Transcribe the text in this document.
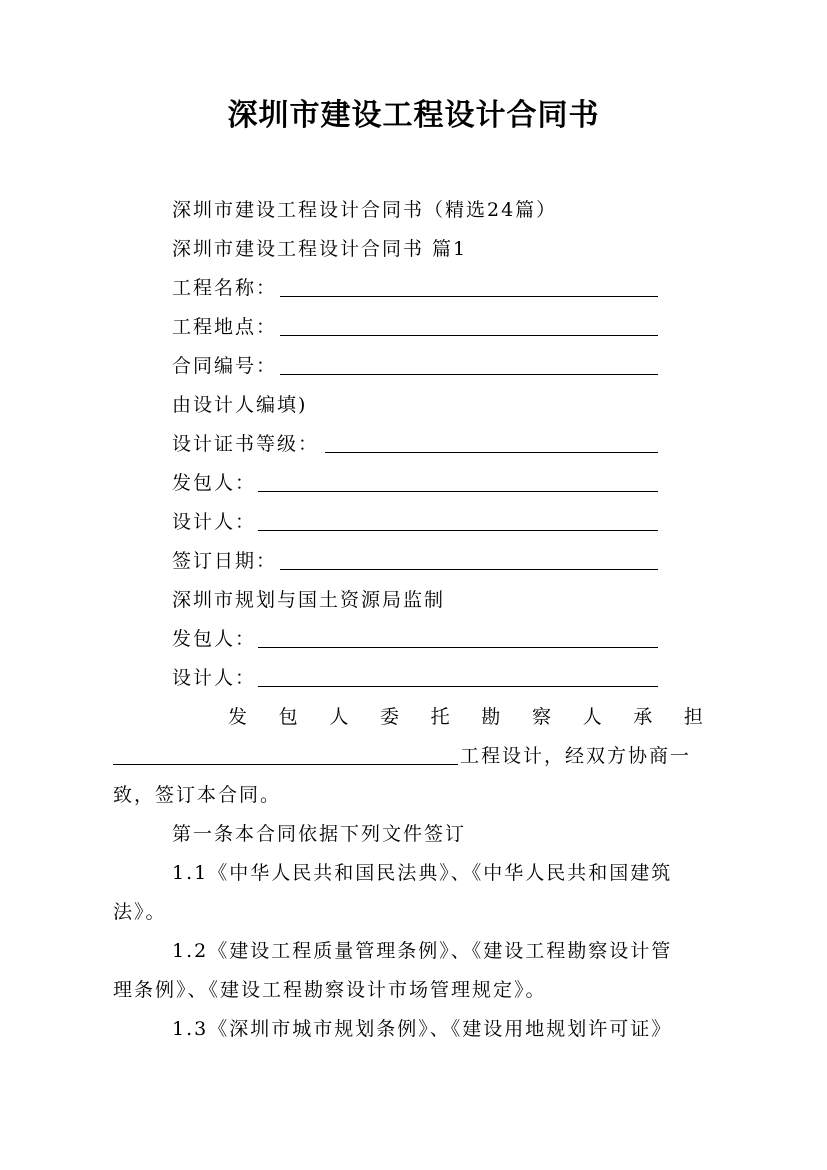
深圳市建设工程设计合同书
深圳市建设工程设计合同书（精选24篇）
深圳市建设工程设计合同书 篇1
工程名称：
工程地点：
合同编号：
由设计人编填)
设计证书等级：
发包人：
设计人：
签订日期：
深圳市规划与国土资源局监制
发包人：
设计人：
发 包 人 委 托 勘 察 人 承 担
工程设计，经双方协商一
致，签订本合同。
第一条本合同依据下列文件签订
1.1《中华人民共和国民法典》、《中华人民共和国建筑
法》。
1.2《建设工程质量管理条例》、《建设工程勘察设计管
理条例》、《建设工程勘察设计市场管理规定》。
1.3《深圳市城市规划条例》、《建设用地规划许可证》
